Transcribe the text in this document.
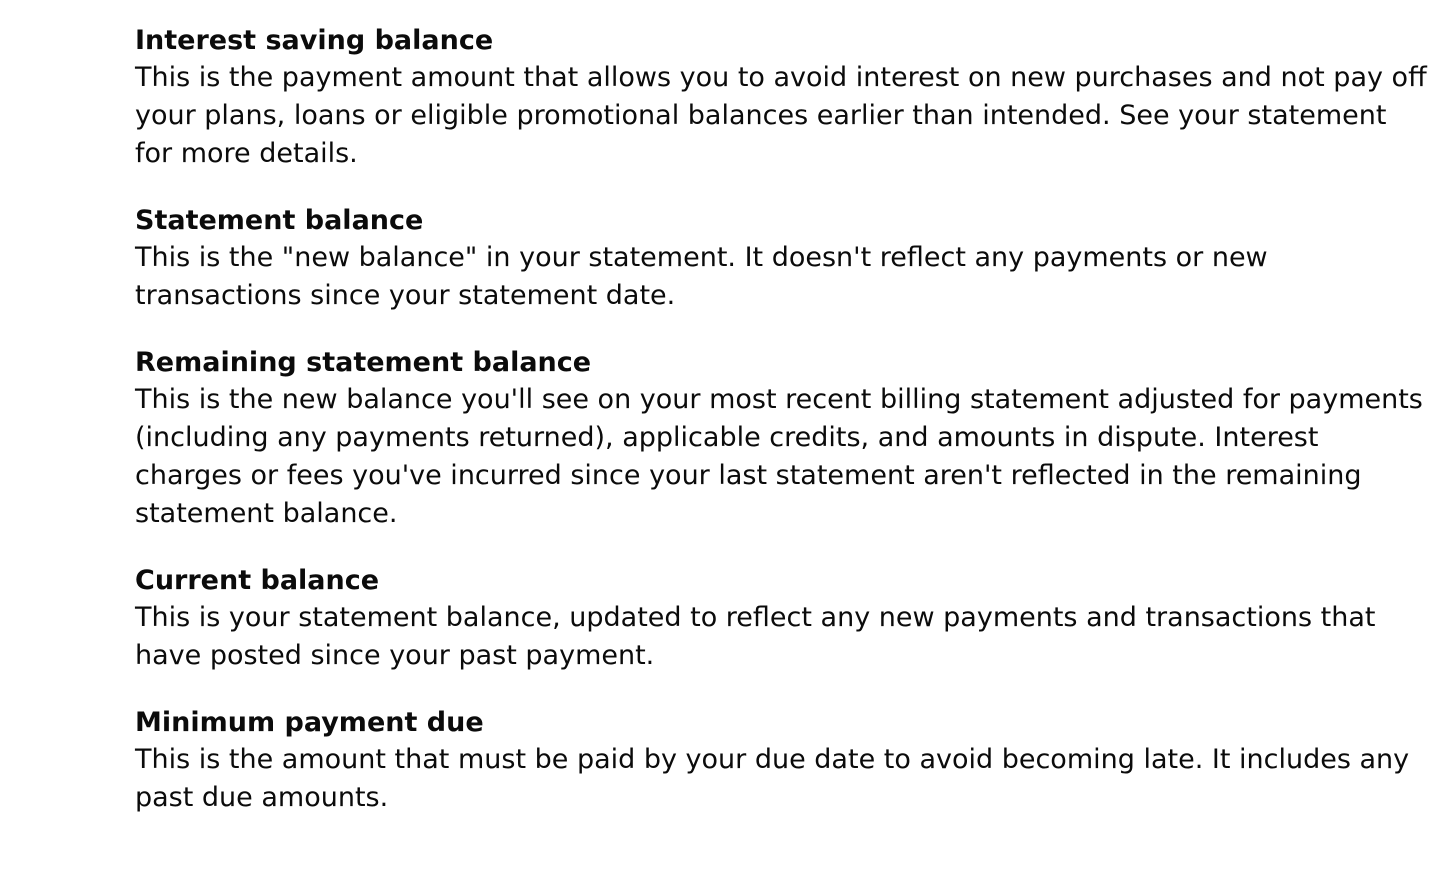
Interest saving balance

This is the payment amount that allows you to avoid interest on new purchases and not pay off your plans, loans or eligible promotional balances earlier than intended. See your statement for more details.

Statement balance

This is the "new balance" in your statement. It doesn't reflect any payments or new transactions since your statement date.

Remaining statement balance

This is the new balance you'll see on your most recent billing statement adjusted for payments (including any payments returned), applicable credits, and amounts in dispute. Interest charges or fees you've incurred since your last statement aren't reflected in the remaining statement balance.

Current balance

This is your statement balance, updated to reflect any new payments and transactions that have posted since your past payment.

Minimum payment due

This is the amount that must be paid by your due date to avoid becoming late. It includes any past due amounts.
